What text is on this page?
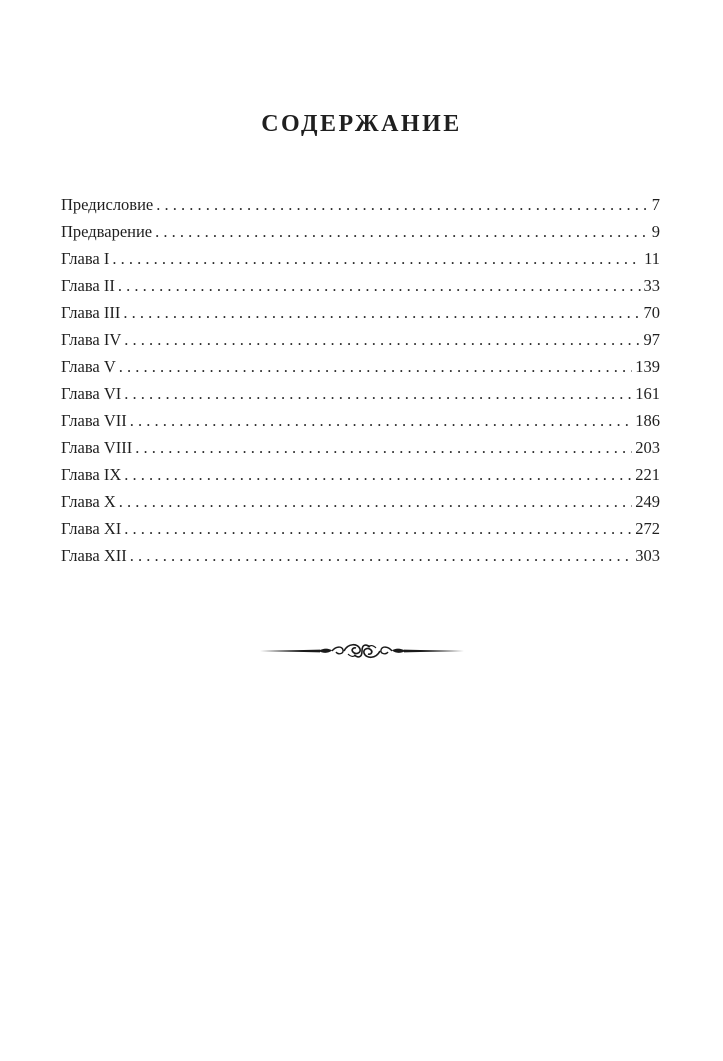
СОДЕРЖАНИЕ
Предисловие . . .	7
Предварение . . .	9
Глава I . . .	11
Глава II . . .	33
Глава III . . .	70
Глава IV . . .	97
Глава V . . .	139
Глава VI . . .	161
Глава VII . . .	186
Глава VIII . . .	203
Глава IX . . .	221
Глава X . . .	249
Глава XI . . .	272
Глава XII . . .	303
